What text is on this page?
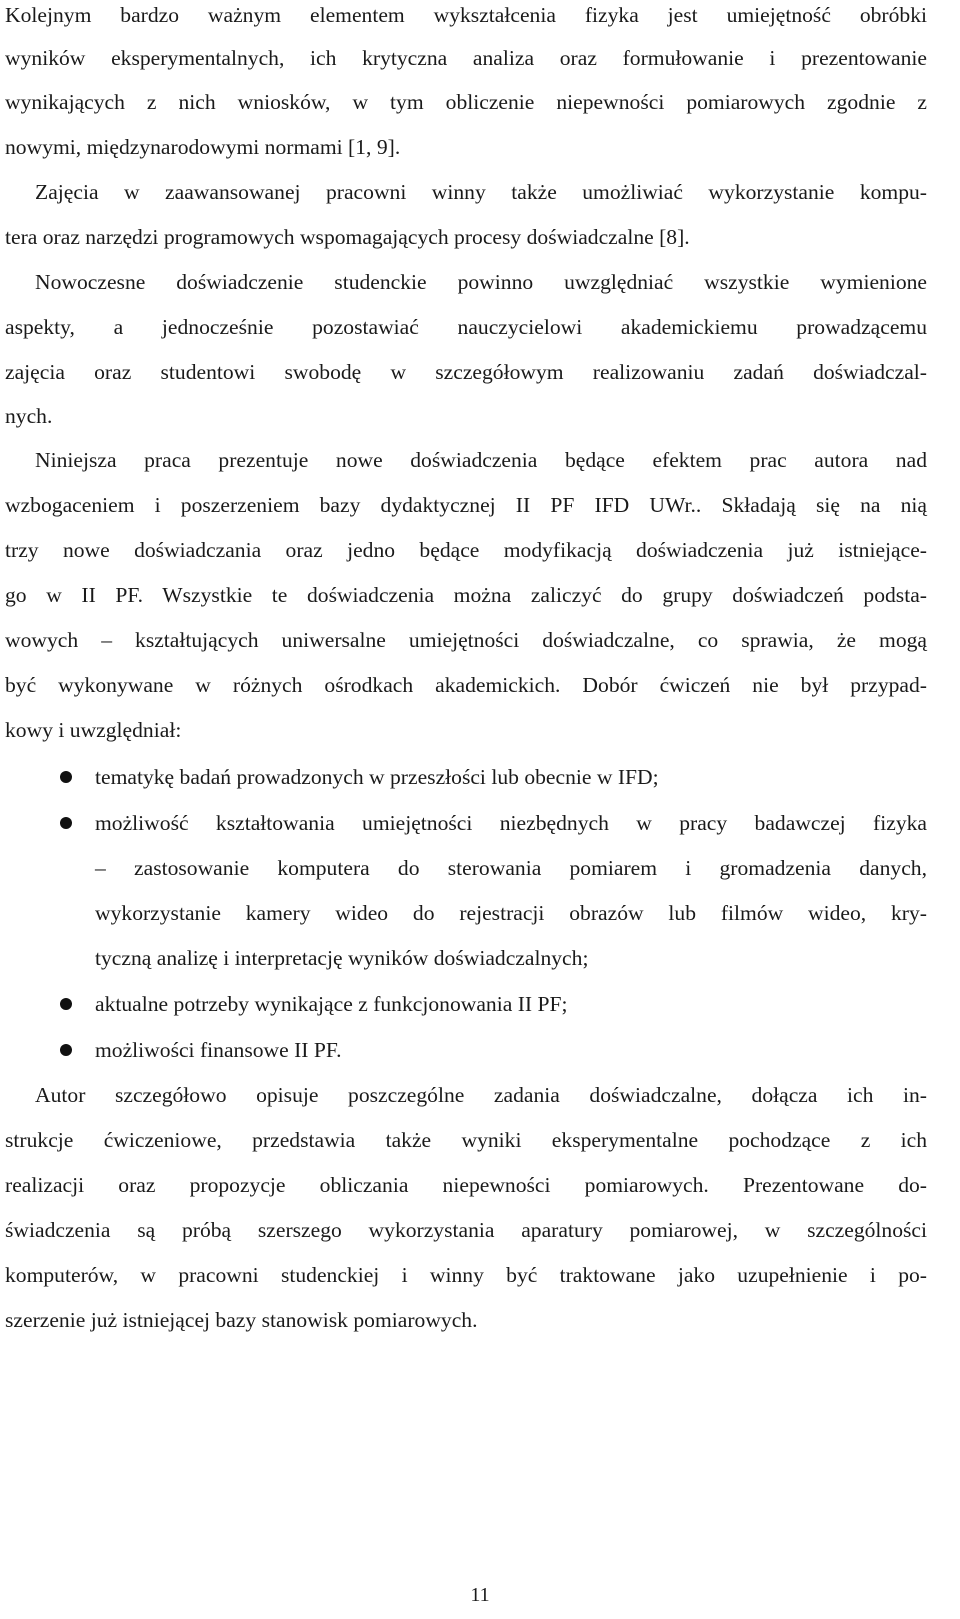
Kolejnym bardzo ważnym elementem wykształcenia fizyka jest umiejętność obróbki
wyników eksperymentalnych, ich krytyczna analiza oraz formułowanie i prezentowanie
wynikających z nich wniosków, w tym obliczenie niepewności pomiarowych zgodnie z
nowymi, międzynarodowymi normami [1, 9].
Zajęcia w zaawansowanej pracowni winny także umożliwiać wykorzystanie kompu-
tera oraz narzędzi programowych wspomagających procesy doświadczalne [8].
Nowoczesne doświadczenie studenckie powinno uwzględniać wszystkie wymienione
aspekty, a jednocześnie pozostawiać nauczycielowi akademickiemu prowadzącemu
zajęcia oraz studentowi swobodę w szczegółowym realizowaniu zadań doświadczal-
nych.
Niniejsza praca prezentuje nowe doświadczenia będące efektem prac autora nad
wzbogaceniem i poszerzeniem bazy dydaktycznej II PF IFD UWr.. Składają się na nią
trzy nowe doświadczania oraz jedno będące modyfikacją doświadczenia już istniejące-
go w II PF. Wszystkie te doświadczenia można zaliczyć do grupy doświadczeń podsta-
wowych – kształtujących uniwersalne umiejętności doświadczalne, co sprawia, że mogą
być wykonywane w różnych ośrodkach akademickich. Dobór ćwiczeń nie był przypad-
kowy i uwzględniał:
tematykę badań prowadzonych w przeszłości lub obecnie w IFD;
możliwość kształtowania umiejętności niezbędnych w pracy badawczej fizyka
– zastosowanie komputera do sterowania pomiarem i gromadzenia danych,
wykorzystanie kamery wideo do rejestracji obrazów lub filmów wideo, kry-
tyczną analizę i interpretację wyników doświadczalnych;
aktualne potrzeby wynikające z funkcjonowania II PF;
możliwości finansowe II PF.
Autor szczegółowo opisuje poszczególne zadania doświadczalne, dołącza ich in-
strukcje ćwiczeniowe, przedstawia także wyniki eksperymentalne pochodzące z ich
realizacji oraz propozycje obliczania niepewności pomiarowych. Prezentowane do-
świadczenia są próbą szerszego wykorzystania aparatury pomiarowej, w szczególności
komputerów, w pracowni studenckiej i winny być traktowane jako uzupełnienie i po-
szerzenie już istniejącej bazy stanowisk pomiarowych.
11
